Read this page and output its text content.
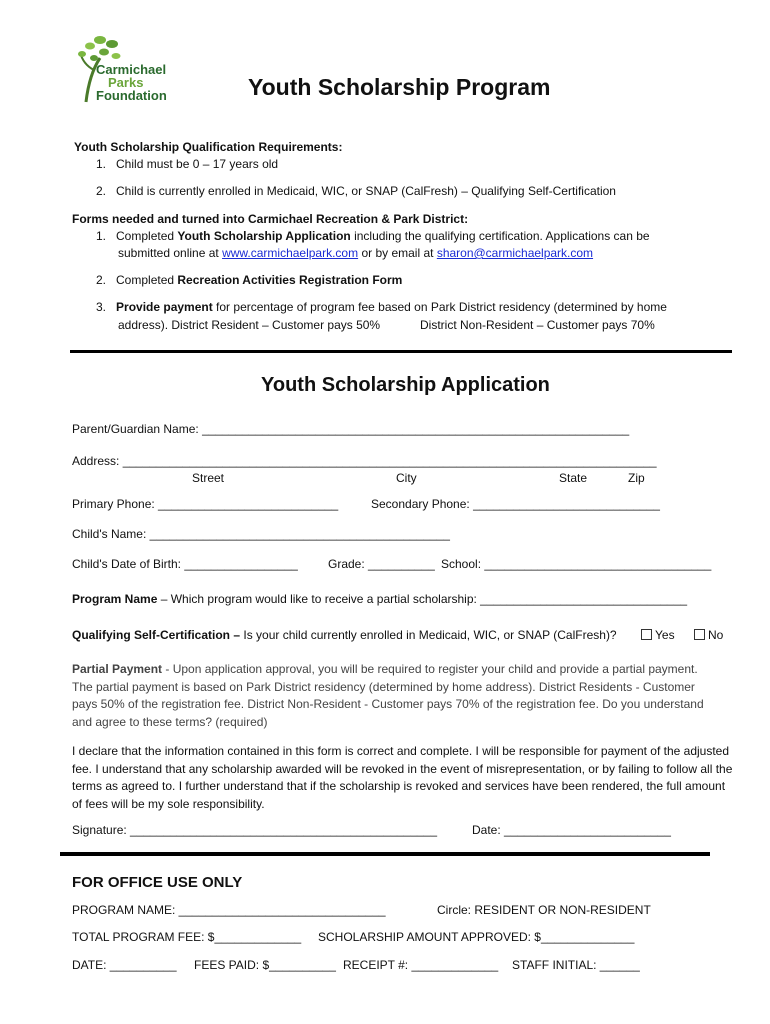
Carmichael
Parks
Foundation	Youth Scholarship Program
Youth Scholarship Qualification Requirements:
1.   Child must be 0 – 17 years old
2.   Child is currently enrolled in Medicaid, WIC, or SNAP (CalFresh) – Qualifying Self-Certification
Forms needed and turned into Carmichael Recreation & Park District:
1.   Completed Youth Scholarship Application including the qualifying certification. Applications can be
submitted online at www.carmichaelpark.com or by email at sharon@carmichaelpark.com
2.   Completed Recreation Activities Registration Form
3.   Provide payment for percentage of program fee based on Park District residency (determined by home
address). District Resident – Customer pays 50%	District Non-Resident – Customer pays 70%
Youth Scholarship Application
Parent/Guardian Name: ________________________________________________________________
Address: ________________________________________________________________________________
Street	City	State	Zip
Primary Phone: ___________________________	Secondary Phone: ____________________________
Child's Name: _____________________________________________
Child's Date of Birth: _________________	Grade: __________ School: __________________________________
Program Name – Which program would like to receive a partial scholarship: _______________________________
Qualifying Self-Certification – Is your child currently enrolled in Medicaid, WIC, or SNAP (CalFresh)?	Yes	No
Partial Payment - Upon application approval, you will be required to register your child and provide a partial payment. The partial payment is based on Park District residency (determined by home address). District Residents - Customer pays 50% of the registration fee. District Non-Resident - Customer pays 70% of the registration fee. Do you understand and agree to these terms? (required)
I declare that the information contained in this form is correct and complete. I will be responsible for payment of the adjusted fee. I understand that any scholarship awarded will be revoked in the event of misrepresentation, or by failing to follow all the terms as agreed to. I further understand that if the scholarship is revoked and services have been rendered, the full amount of fees will be my sole responsibility.
Signature: ______________________________________________	Date: _________________________
FOR OFFICE USE ONLY
PROGRAM NAME: _______________________________	Circle: RESIDENT OR NON-RESIDENT
TOTAL PROGRAM FEE: $_____________ SCHOLARSHIP AMOUNT APPROVED: $______________
DATE: __________ FEES PAID: $__________ RECEIPT #: _____________ STAFF INITIAL: ______
